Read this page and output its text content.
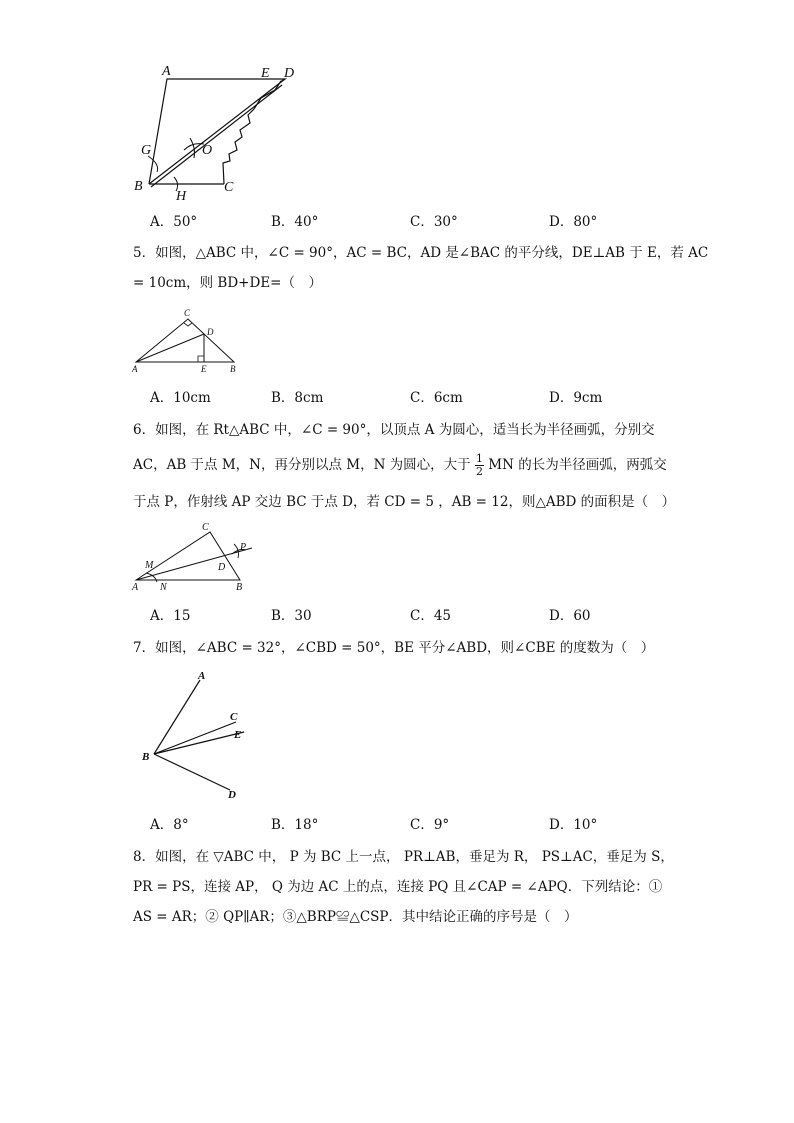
A	E D
G	O
B
H
C
A．50°	B．40°	C．30°	D．80°
5．如图，△ABC 中，∠C = 90°，AC = BC，AD 是∠BAC 的平分线，DE⊥AB 于 E，若 AC
= 10cm，则 BD+DE=（　）
C
D
A	E	B
A．10cm	B．8cm	C．6cm	D．9cm
6．如图，在 Rt△ABC 中，∠C = 90°，以顶点 A 为圆心，适当长为半径画弧，分别交
AC，AB 于点 M，N，再分别以点 M，N 为圆心，大于 $\frac{1}{2}$ MN 的长为半径画弧，两弧交
于点 P，作射线 AP 交边 BC 于点 D，若 CD = 5 ，AB = 12，则△ABD 的面积是（　）
C
P
M	D
A N	B
A．15	B．30	C．45	D．60
7．如图，∠ABC = 32°，∠CBD = 50°，BE 平分∠ABD，则∠CBE 的度数为（　）
A
C
E
B
D
A．8°	B．18°	C．9°	D．10°
8．如图，在 ▽ABC 中， P 为 BC 上一点， PR⊥AB，垂足为 R， PS⊥AC，垂足为 S，
PR = PS，连接 AP， Q 为边 AC 上的点，连接 PQ 且∠CAP = ∠APQ．下列结论：①
AS = AR；② QP∥AR；③△BRP≌△CSP．其中结论正确的序号是（　）
